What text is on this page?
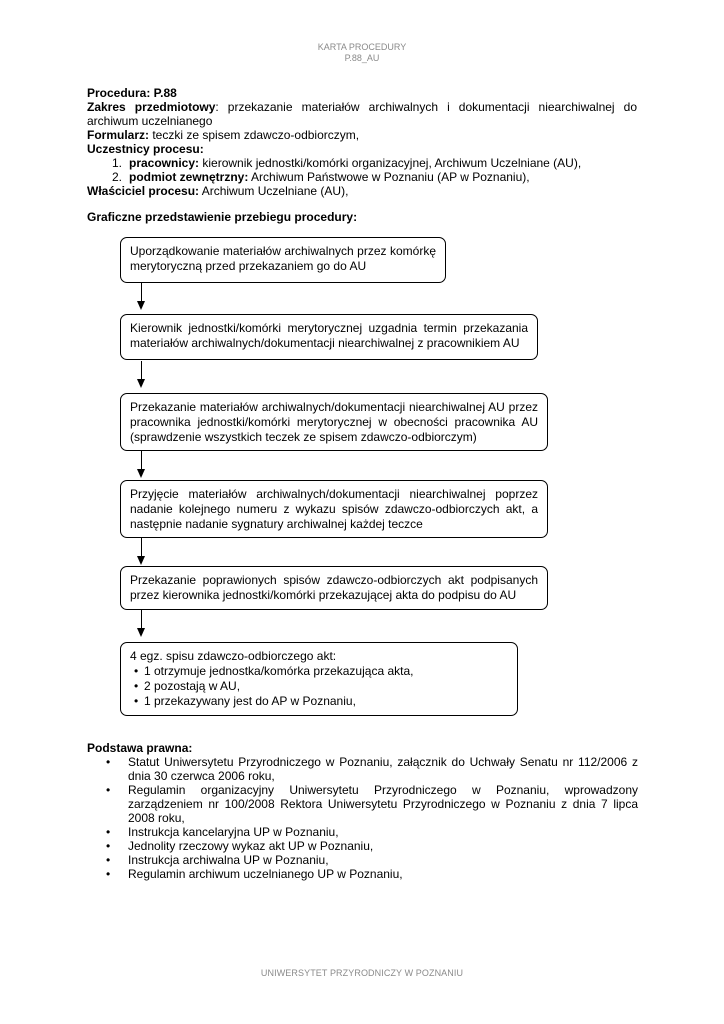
KARTA PROCEDURY
P.88_AU
Procedura: P.88
Zakres przedmiotowy: przekazanie materiałów archiwalnych i dokumentacji niearchiwalnej do archiwum uczelnianego
Formularz: teczki ze spisem zdawczo-odbiorczym,
Uczestnicy procesu:
1. pracownicy: kierownik jednostki/komórki organizacyjnej, Archiwum Uczelniane (AU),
2. podmiot zewnętrzny: Archiwum Państwowe w Poznaniu (AP w Poznaniu),
Właściciel procesu: Archiwum Uczelniane (AU),
Graficzne przedstawienie przebiegu procedury:

Uporządkowanie materiałów archiwalnych przez komórkę merytoryczną przed przekazaniem go do AU

Kierownik jednostki/komórki merytorycznej uzgadnia termin przekazania materiałów archiwalnych/dokumentacji niearchiwalnej z pracownikiem AU

Przekazanie materiałów archiwalnych/dokumentacji niearchiwalnej AU przez pracownika jednostki/komórki merytorycznej w obecności pracownika AU (sprawdzenie wszystkich teczek ze spisem zdawczo-odbiorczym)

Przyjęcie materiałów archiwalnych/dokumentacji niearchiwalnej poprzez nadanie kolejnego numeru z wykazu spisów zdawczo-odbiorczych akt, a następnie nadanie sygnatury archiwalnej każdej teczce

Przekazanie poprawionych spisów zdawczo-odbiorczych akt podpisanych przez kierownika jednostki/komórki przekazującej akta do podpisu do AU

4 egz. spisu zdawczo-odbiorczego akt:
• 1 otrzymuje jednostka/komórka przekazująca akta,
• 2 pozostają w AU,
• 1 przekazywany jest do AP w Poznaniu,
Podstawa prawna:
• Statut Uniwersytetu Przyrodniczego w Poznaniu, załącznik do Uchwały Senatu nr 112/2006 z dnia 30 czerwca 2006 roku,
• Regulamin organizacyjny Uniwersytetu Przyrodniczego w Poznaniu, wprowadzony zarządzeniem nr 100/2008 Rektora Uniwersytetu Przyrodniczego w Poznaniu z dnia 7 lipca 2008 roku,
• Instrukcja kancelaryjna UP w Poznaniu,
• Jednolity rzeczowy wykaz akt UP w Poznaniu,
• Instrukcja archiwalna UP w Poznaniu,
• Regulamin archiwum uczelnianego UP w Poznaniu,
UNIWERSYTET PRZYRODNICZY W POZNANIU
